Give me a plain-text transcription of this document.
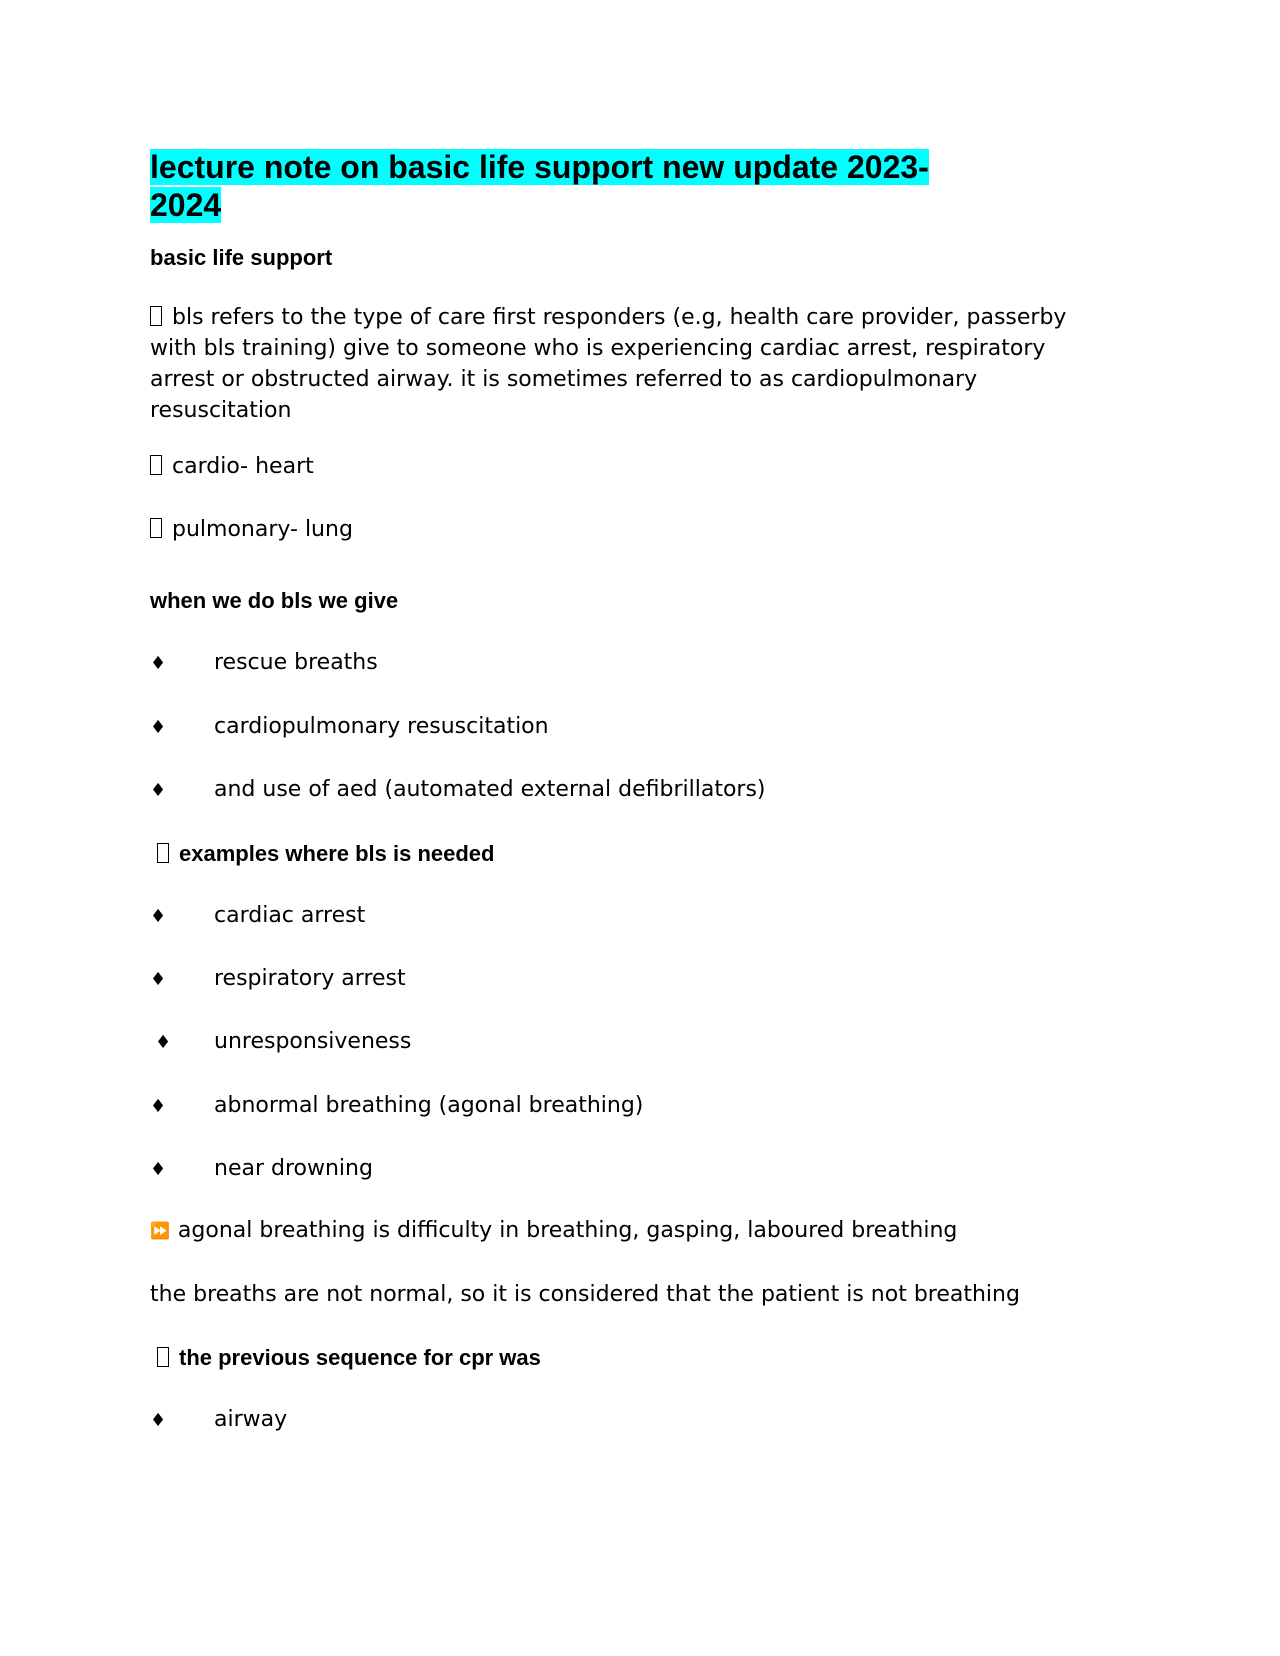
lecture note on basic life support new update 2023-2024
basic life support

bls refers to the type of care first responders (e.g, health care provider, passerby with bls training) give to someone who is experiencing cardiac arrest, respiratory arrest or obstructed airway. it is sometimes referred to as cardiopulmonary resuscitation

cardio- heart

pulmonary- lung

when we do bls we give
♦ rescue breaths
♦ cardiopulmonary resuscitation
♦ and use of aed (automated external defibrillators)
examples where bls is needed
♦ cardiac arrest
♦ respiratory arrest
♦ unresponsiveness
♦ abnormal breathing (agonal breathing)
♦ near drowning

⏩ agonal breathing is difficulty in breathing, gasping, laboured breathing

the breaths are not normal, so it is considered that the patient is not breathing

the previous sequence for cpr was
♦ airway
